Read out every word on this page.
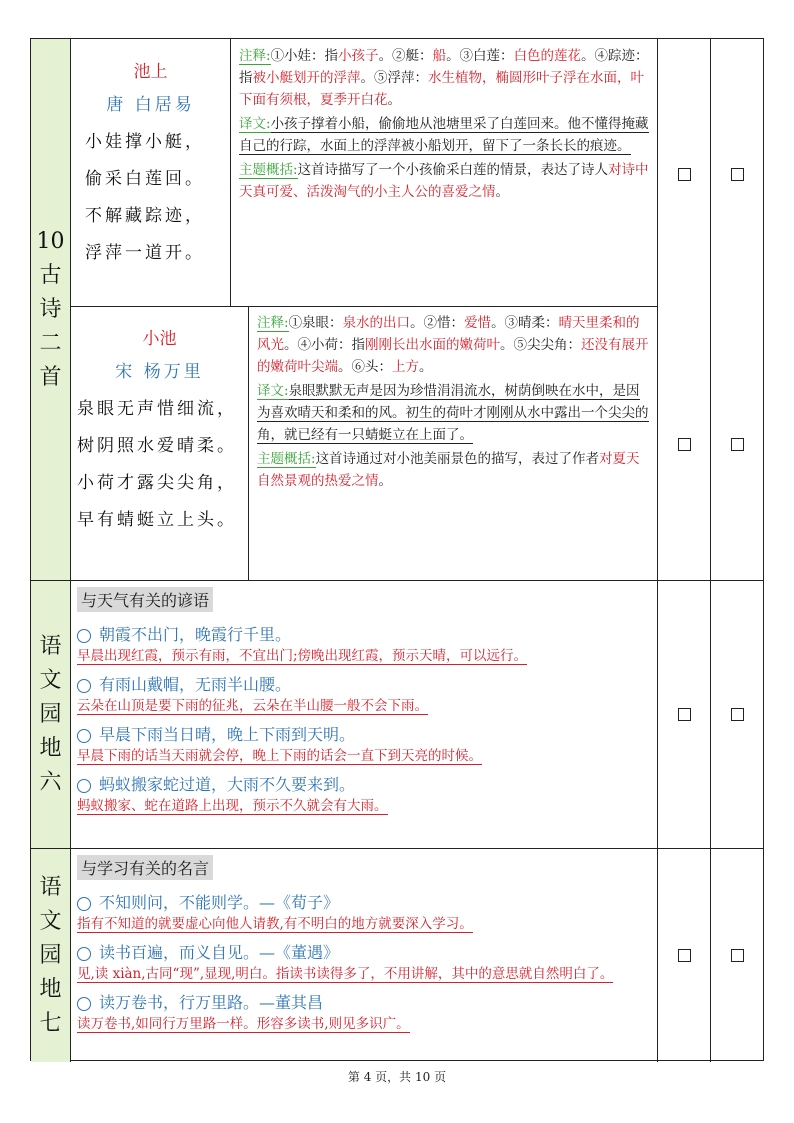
10
古
诗
二
首
池上
唐 白居易
小娃撑小艇，
偷采白莲回。
不解藏踪迹，
浮萍一道开。

注释:①小娃：指小孩子。②艇：船。③白莲：白色的莲花。④踪迹：指被小艇划开的浮萍。⑤浮萍：水生植物，椭圆形叶子浮在水面，叶下面有须根，夏季开白花。

译文:小孩子撑着小船，偷偷地从池塘里采了白莲回来。他不懂得掩藏自己的行踪，水面上的浮萍被小船划开，留下了一条长长的痕迹。

主题概括:这首诗描写了一个小孩偷采白莲的情景，表达了诗人对诗中天真可爱、活泼淘气的小主人公的喜爱之情。

小池
宋 杨万里
泉眼无声惜细流，
树阴照水爱晴柔。
小荷才露尖尖角，
早有蜻蜓立上头。

注释:①泉眼：泉水的出口。②惜：爱惜。③晴柔：晴天里柔和的风光。④小荷：指刚刚长出水面的嫩荷叶。⑤尖尖角：还没有展开的嫩荷叶尖端。⑥头：上方。

译文:泉眼默默无声是因为珍惜涓涓流水，树荫倒映在水中，是因为喜欢晴天和柔和的风。初生的荷叶才刚刚从水中露出一个尖尖的角，就已经有一只蜻蜓立在上面了。

主题概括:这首诗通过对小池美丽景色的描写，表过了作者对夏天自然景观的热爱之情。

语
文
园
地
六
与天气有关的谚语
朝霞不出门，晚霞行千里。
早晨出现红霞，预示有雨，不宜出门;傍晚出现红霞，预示天晴，可以远行。
有雨山戴帽，无雨半山腰。
云朵在山顶是要下雨的征兆，云朵在半山腰一般不会下雨。
早晨下雨当日晴，晚上下雨到天明。
早晨下雨的话当天雨就会停，晚上下雨的话会一直下到天亮的时候。
蚂蚁搬家蛇过道，大雨不久要来到。
蚂蚁搬家、蛇在道路上出现，预示不久就会有大雨。
语
文
园
地
七
与学习有关的名言
不知则问，不能则学。—《荀子》
指有不知道的就要虚心向他人请教,有不明白的地方就要深入学习。
读书百遍，而义自见。—《董遇》
见,读 xiàn,古同“现”,显现,明白。指读书读得多了，不用讲解，其中的意思就自然明白了。
读万卷书，行万里路。—董其昌
读万卷书,如同行万里路一样。形容多读书,则见多识广。
第 4 页，共 10 页
